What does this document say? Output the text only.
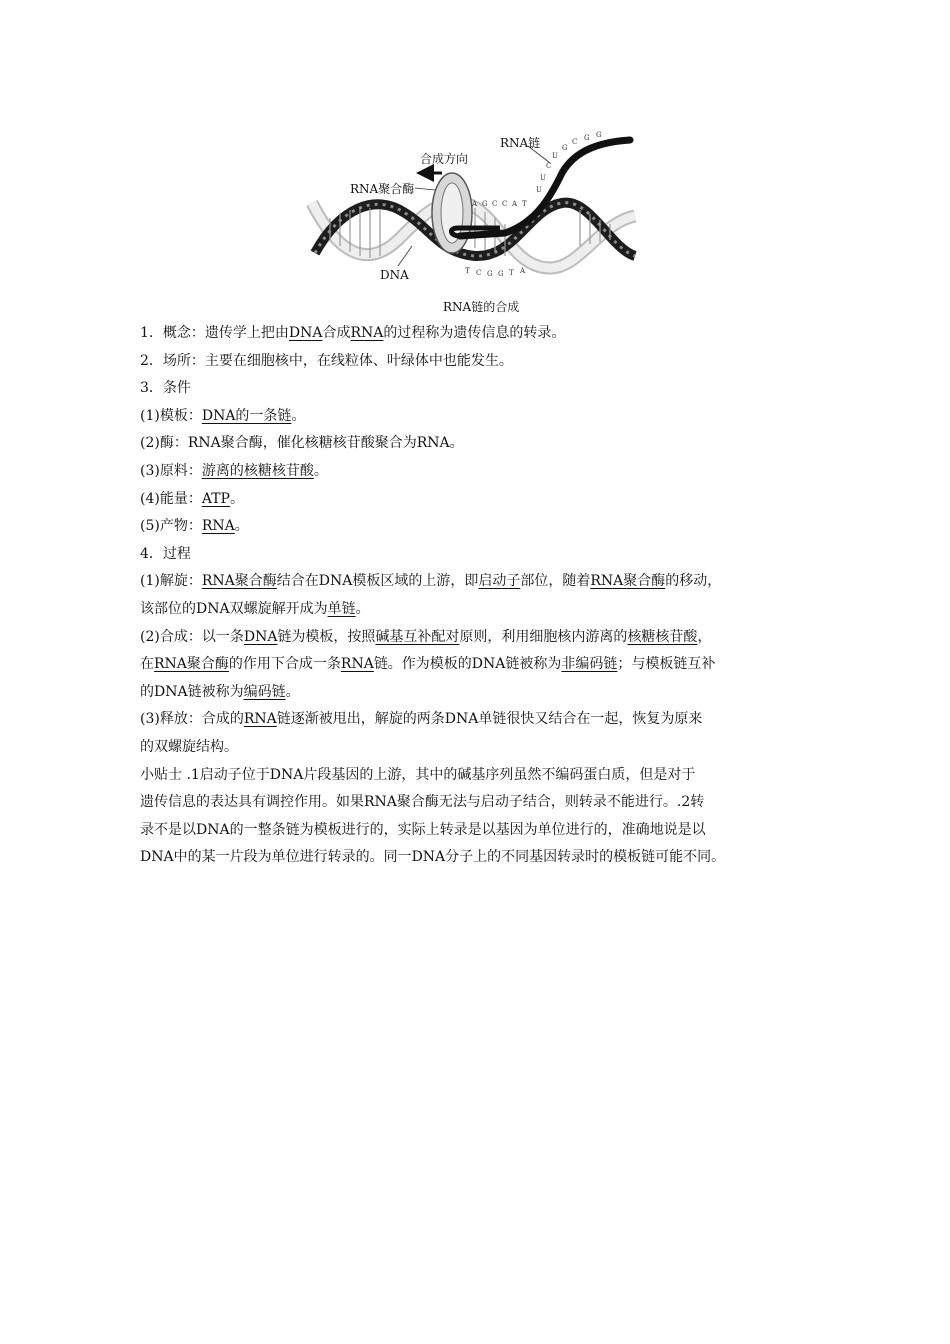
G
G
C
G
U
C
U
U
A G C C A T
T C G G T A
RNA链
合成方向
RNA聚合酶
DNA
RNA链的合成
1．概念：遗传学上把由DNA合成RNA的过程称为遗传信息的转录。
2．场所：主要在细胞核中，在线粒体、叶绿体中也能发生。
3．条件
(1)模板：DNA的一条链。
(2)酶：RNA聚合酶，催化核糖核苷酸聚合为RNA。
(3)原料：游离的核糖核苷酸。
(4)能量：ATP。
(5)产物：RNA。
4．过程
(1)解旋：RNA聚合酶结合在DNA模板区域的上游，即启动子部位，随着RNA聚合酶的移动，
该部位的DNA双螺旋解开成为单链。
(2)合成：以一条DNA链为模板，按照碱基互补配对原则，利用细胞核内游离的核糖核苷酸，
在RNA聚合酶的作用下合成一条RNA链。作为模板的DNA链被称为非编码链；与模板链互补
的DNA链被称为编码链。
(3)释放：合成的RNA链逐渐被甩出，解旋的两条DNA单链很快又结合在一起，恢复为原来
的双螺旋结构。
小贴士 .1启动子位于DNA片段基因的上游，其中的碱基序列虽然不编码蛋白质，但是对于
遗传信息的表达具有调控作用。如果RNA聚合酶无法与启动子结合，则转录不能进行。.2转
录不是以DNA的一整条链为模板进行的，实际上转录是以基因为单位进行的，准确地说是以
DNA中的某一片段为单位进行转录的。同一DNA分子上的不同基因转录时的模板链可能不同。
